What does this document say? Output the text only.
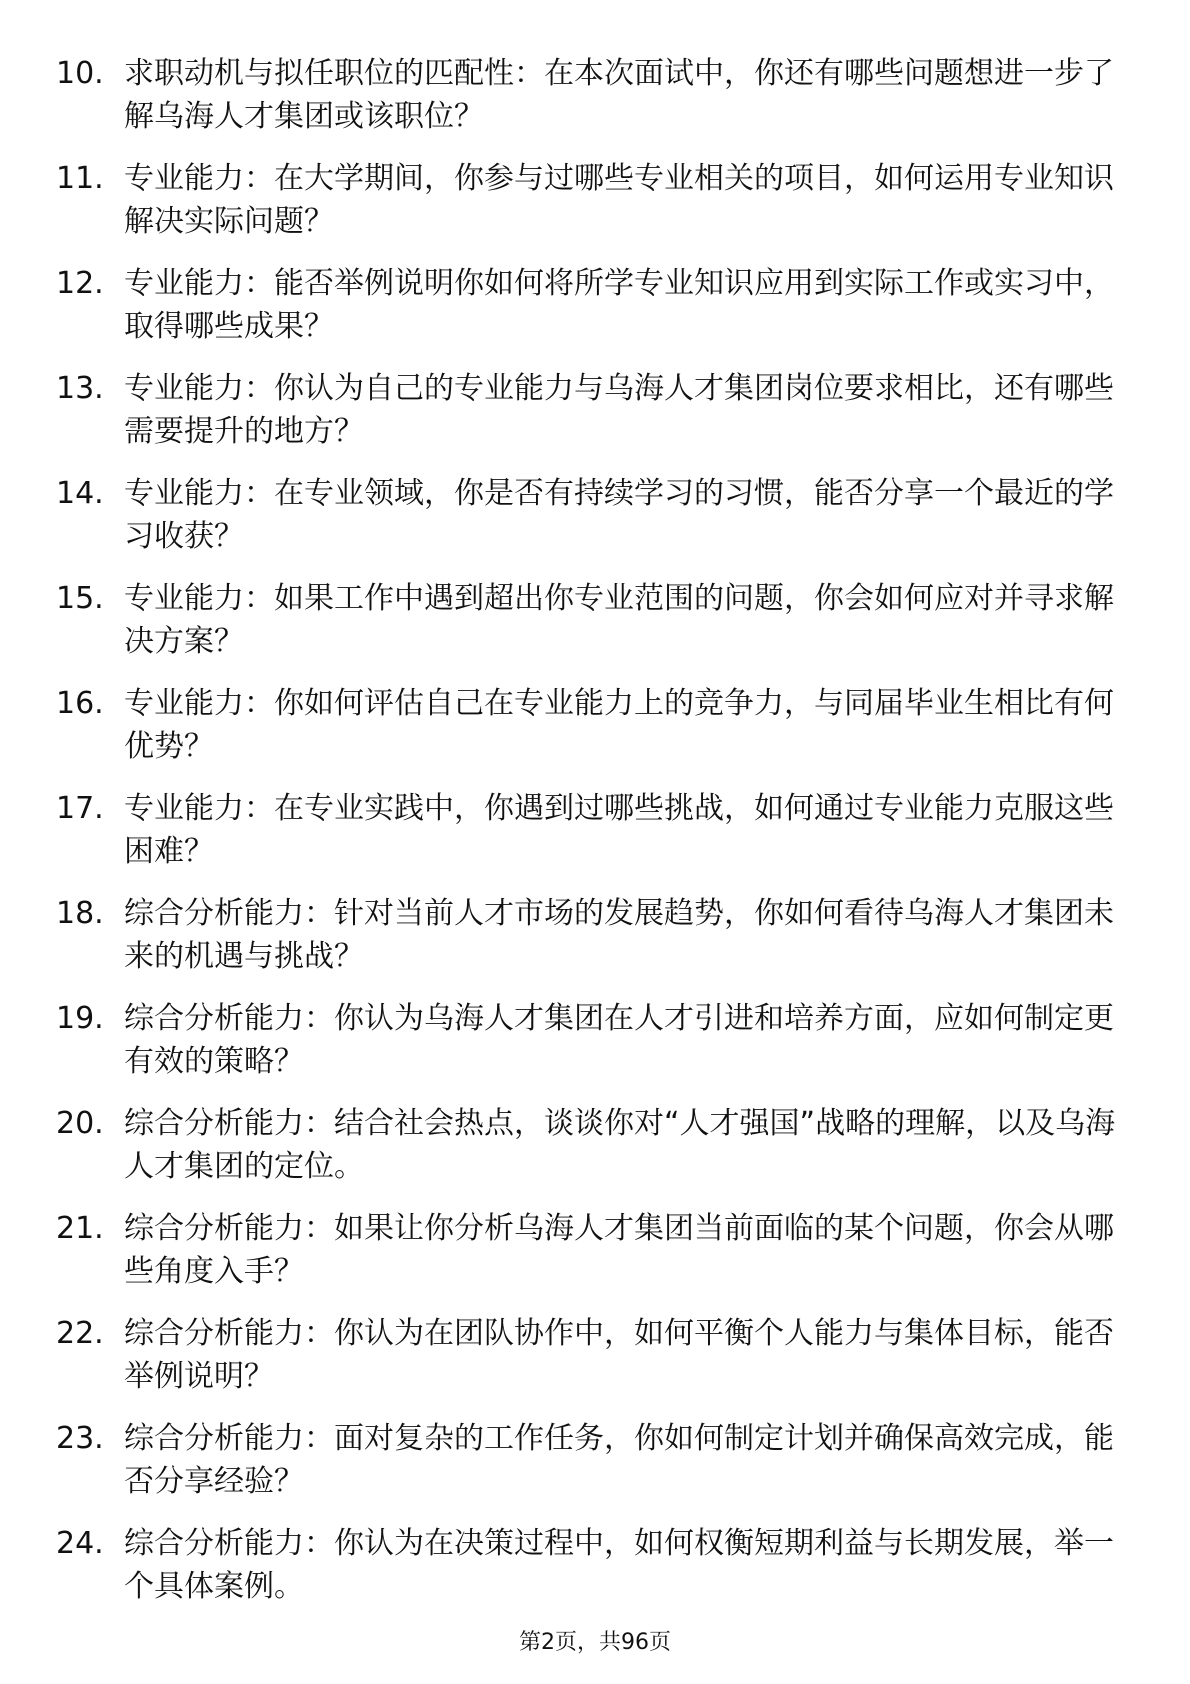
10. 求职动机与拟任职位的匹配性：在本次面试中，你还有哪些问题想进一步了解乌海人才集团或该职位？
11. 专业能力：在大学期间，你参与过哪些专业相关的项目，如何运用专业知识解决实际问题？
12. 专业能力：能否举例说明你如何将所学专业知识应用到实际工作或实习中，取得哪些成果？
13. 专业能力：你认为自己的专业能力与乌海人才集团岗位要求相比，还有哪些需要提升的地方？
14. 专业能力：在专业领域，你是否有持续学习的习惯，能否分享一个最近的学习收获？
15. 专业能力：如果工作中遇到超出你专业范围的问题，你会如何应对并寻求解决方案？
16. 专业能力：你如何评估自己在专业能力上的竞争力，与同届毕业生相比有何优势？
17. 专业能力：在专业实践中，你遇到过哪些挑战，如何通过专业能力克服这些困难？
18. 综合分析能力：针对当前人才市场的发展趋势，你如何看待乌海人才集团未来的机遇与挑战？
19. 综合分析能力：你认为乌海人才集团在人才引进和培养方面，应如何制定更有效的策略？
20. 综合分析能力：结合社会热点，谈谈你对“人才强国”战略的理解，以及乌海人才集团的定位。
21. 综合分析能力：如果让你分析乌海人才集团当前面临的某个问题，你会从哪些角度入手？
22. 综合分析能力：你认为在团队协作中，如何平衡个人能力与集体目标，能否举例说明？
23. 综合分析能力：面对复杂的工作任务，你如何制定计划并确保高效完成，能否分享经验？
24. 综合分析能力：你认为在决策过程中，如何权衡短期利益与长期发展，举一个具体案例。
第2页，共96页
